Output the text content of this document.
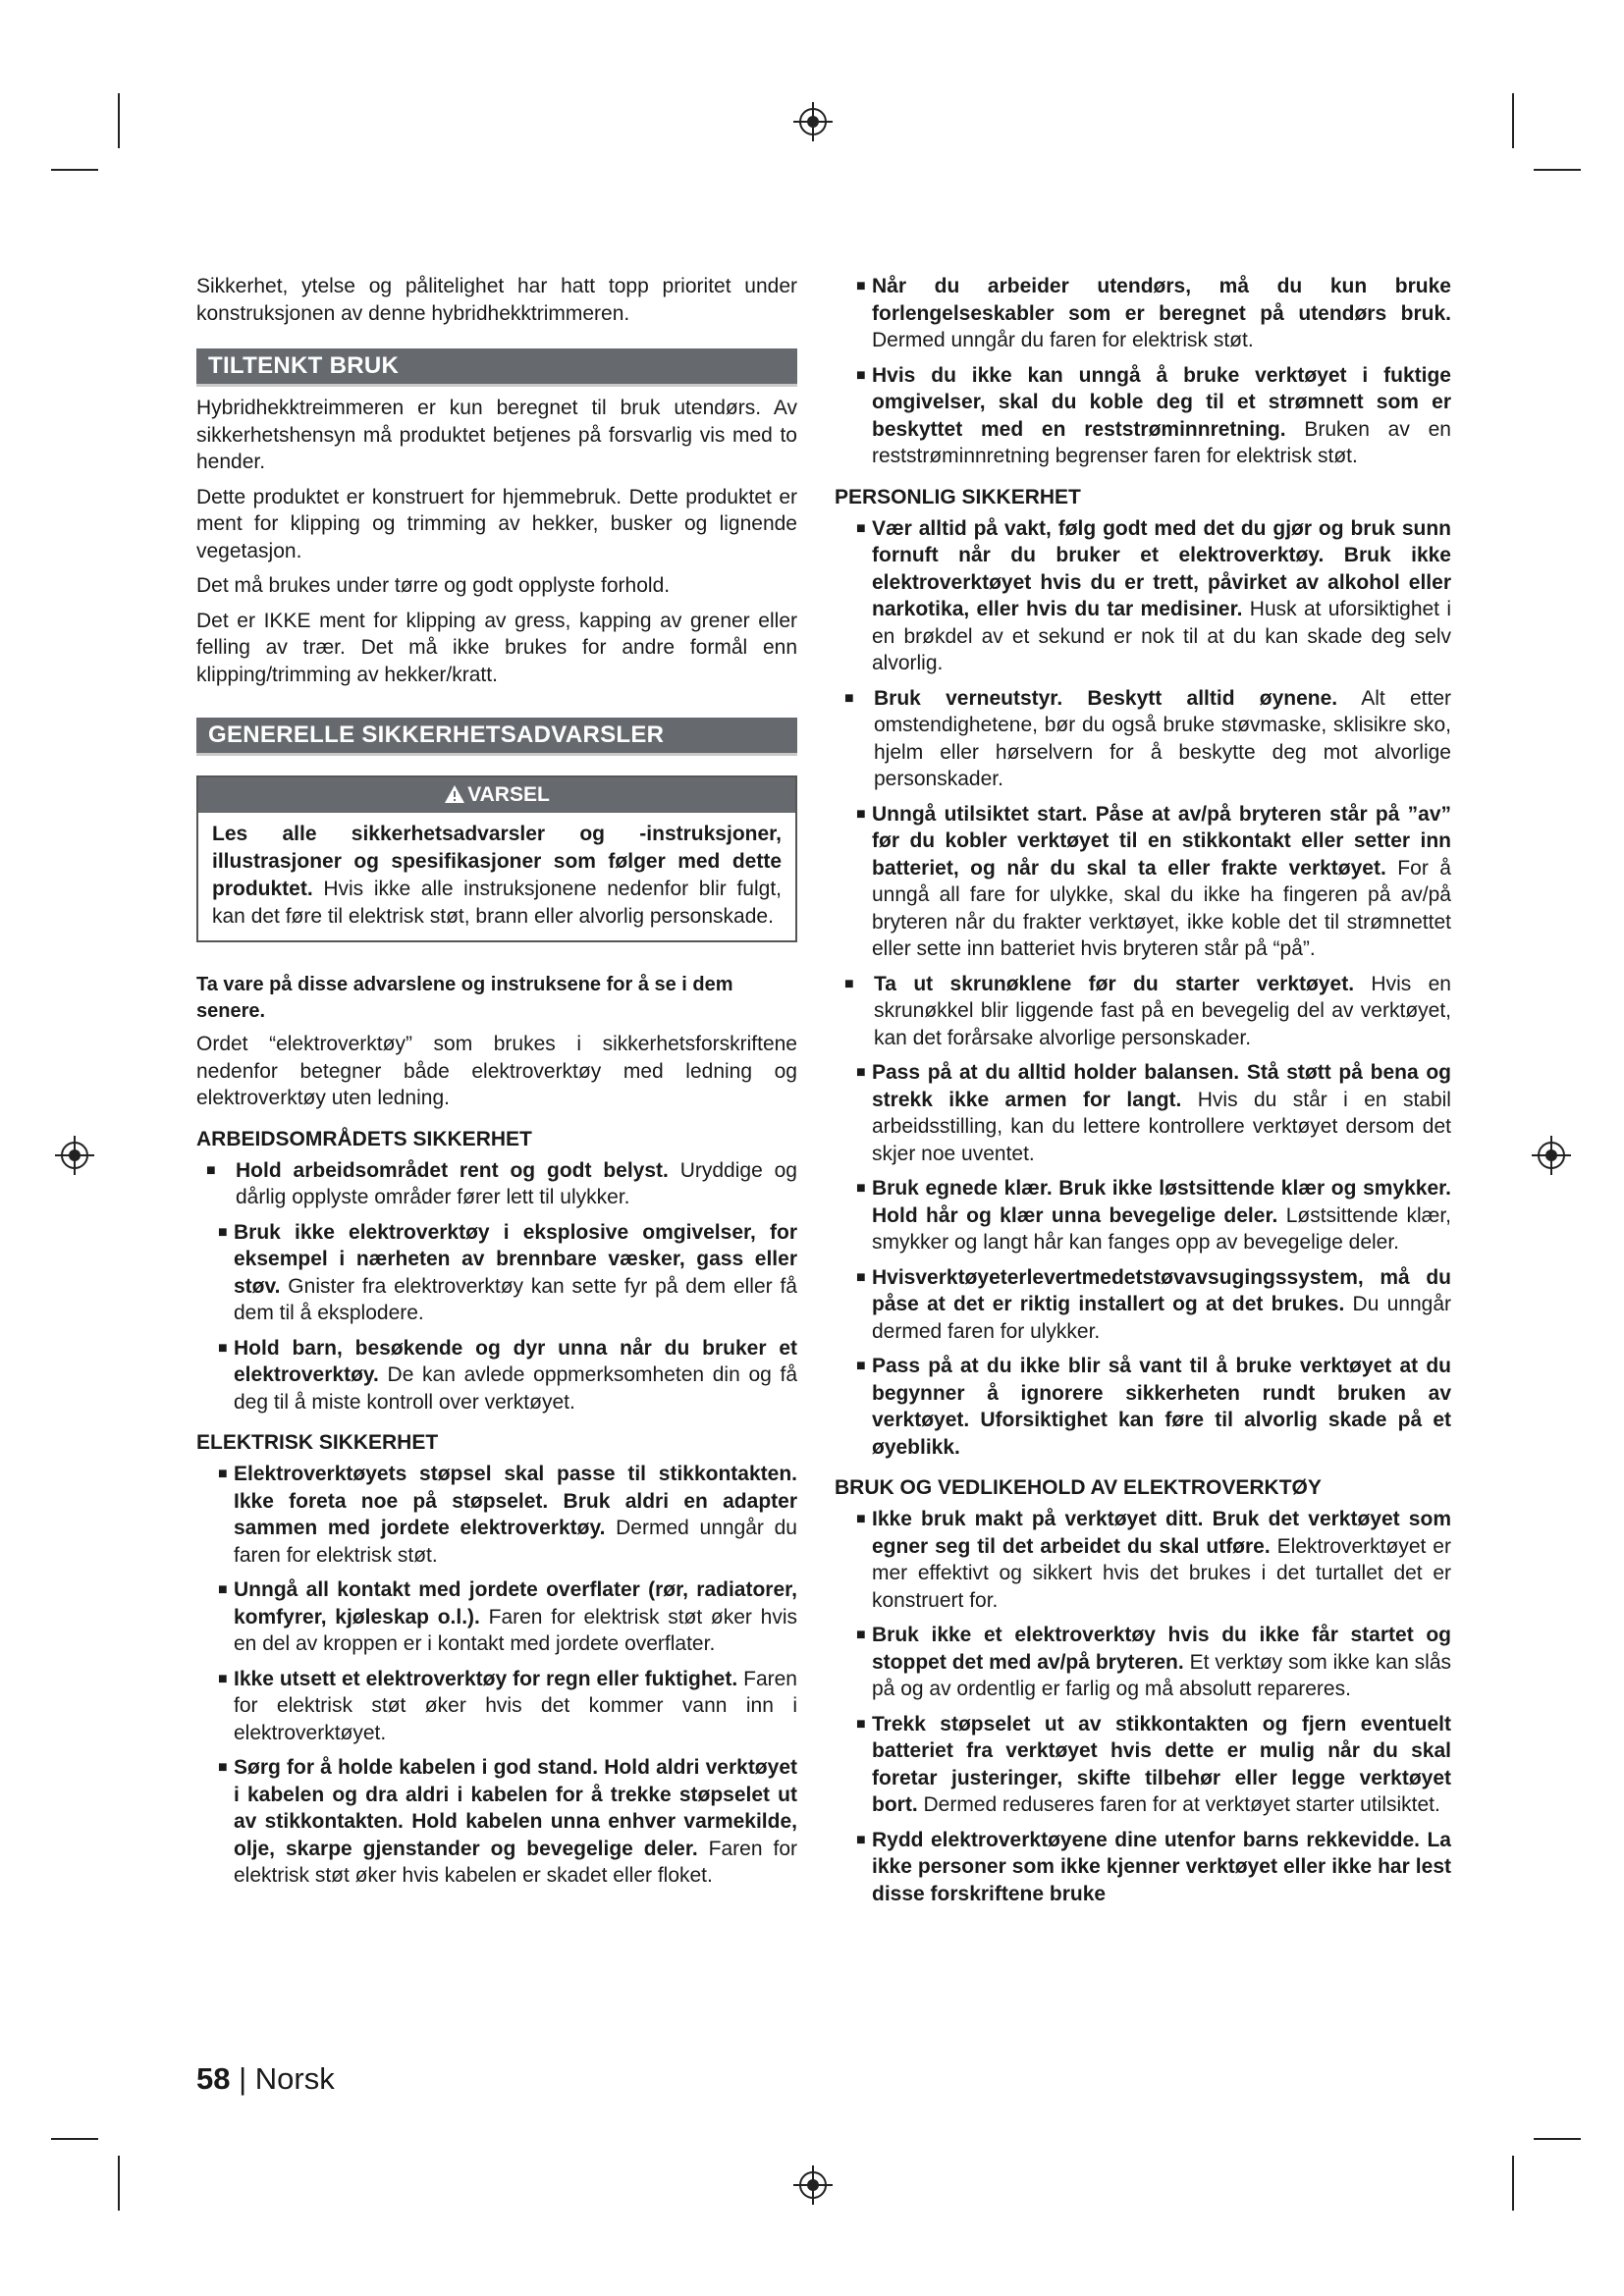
Sikkerhet, ytelse og pålitelighet har hatt topp prioritet under konstruksjonen av denne hybridhekktrimmeren.

TILTENKT BRUK

Hybridhekktreimmeren er kun beregnet til bruk utendørs. Av sikkerhetshensyn må produktet betjenes på forsvarlig vis med to hender.

Dette produktet er konstruert for hjemmebruk. Dette produktet er ment for klipping og trimming av hekker, busker og lignende vegetasjon.

Det må brukes under tørre og godt opplyste forhold.

Det er IKKE ment for klipping av gress, kapping av grener eller felling av trær. Det må ikke brukes for andre formål enn klipping/trimming av hekker/kratt.

GENERELLE SIKKERHETSADVARSLER
VARSEL
Les alle sikkerhetsadvarsler og -instruksjoner, illustrasjoner og spesifikasjoner som følger med dette produktet. Hvis ikke alle instruksjonene nedenfor blir fulgt, kan det føre til elektrisk støt, brann eller alvorlig personskade.

Ta vare på disse advarslene og instruksene for å se i dem senere.

Ordet “elektroverktøy” som brukes i sikkerhetsforskriftene nedenfor betegner både elektroverktøy med ledning og elektroverktøy uten ledning.

ARBEIDSOMRÅDETS SIKKERHET
■ Hold arbeidsområdet rent og godt belyst. Uryddige og dårlig opplyste områder fører lett til ulykker.
■ Bruk ikke elektroverktøy i eksplosive omgivelser, for eksempel i nærheten av brennbare væsker, gass eller støv. Gnister fra elektroverktøy kan sette fyr på dem eller få dem til å eksplodere.
■ Hold barn, besøkende og dyr unna når du bruker et elektroverktøy. De kan avlede oppmerksomheten din og få deg til å miste kontroll over verktøyet.
ELEKTRISK SIKKERHET
■ Elektroverktøyets støpsel skal passe til stikkontakten. Ikke foreta noe på støpselet. Bruk aldri en adapter sammen med jordete elektroverktøy. Dermed unngår du faren for elektrisk støt.
■ Unngå all kontakt med jordete overflater (rør, radiatorer, komfyrer, kjøleskap o.l.). Faren for elektrisk støt øker hvis en del av kroppen er i kontakt med jordete overflater.
■ Ikke utsett et elektroverktøy for regn eller fuktighet. Faren for elektrisk støt øker hvis det kommer vann inn i elektroverktøyet.
■ Sørg for å holde kabelen i god stand. Hold aldri verktøyet i kabelen og dra aldri i kabelen for å trekke støpselet ut av stikkontakten. Hold kabelen unna enhver varmekilde, olje, skarpe gjenstander og bevegelige deler. Faren for elektrisk støt øker hvis kabelen er skadet eller floket.
■ Når du arbeider utendørs, må du kun bruke forlengelseskabler som er beregnet på utendørs bruk. Dermed unngår du faren for elektrisk støt.
■ Hvis du ikke kan unngå å bruke verktøyet i fuktige omgivelser, skal du koble deg til et strømnett som er beskyttet med en reststrøminnretning. Bruken av en reststrøminnretning begrenser faren for elektrisk støt.
PERSONLIG SIKKERHET
■ Vær alltid på vakt, følg godt med det du gjør og bruk sunn fornuft når du bruker et elektroverktøy. Bruk ikke elektroverktøyet hvis du er trett, påvirket av alkohol eller narkotika, eller hvis du tar medisiner. Husk at uforsiktighet i en brøkdel av et sekund er nok til at du kan skade deg selv alvorlig.
■ Bruk verneutstyr. Beskytt alltid øynene. Alt etter omstendighetene, bør du også bruke støvmaske, sklisikre sko, hjelm eller hørselvern for å beskytte deg mot alvorlige personskader.
■ Unngå utilsiktet start. Påse at av/på bryteren står på ”av” før du kobler verktøyet til en stikkontakt eller setter inn batteriet, og når du skal ta eller frakte verktøyet. For å unngå all fare for ulykke, skal du ikke ha fingeren på av/på bryteren når du frakter verktøyet, ikke koble det til strømnettet eller sette inn batteriet hvis bryteren står på “på”.
■ Ta ut skrunøklene før du starter verktøyet. Hvis en skrunøkkel blir liggende fast på en bevegelig del av verktøyet, kan det forårsake alvorlige personskader.
■ Pass på at du alltid holder balansen. Stå støtt på bena og strekk ikke armen for langt. Hvis du står i en stabil arbeidsstilling, kan du lettere kontrollere verktøyet dersom det skjer noe uventet.
■ Bruk egnede klær. Bruk ikke løstsittende klær og smykker. Hold hår og klær unna bevegelige deler. Løstsittende klær, smykker og langt hår kan fanges opp av bevegelige deler.
■ Hvisverktøyeterlevertmedetstøvavsugingssystem, må du påse at det er riktig installert og at det brukes. Du unngår dermed faren for ulykker.
■ Pass på at du ikke blir så vant til å bruke verktøyet at du begynner å ignorere sikkerheten rundt bruken av verktøyet. Uforsiktighet kan føre til alvorlig skade på et øyeblikk.
BRUK OG VEDLIKEHOLD AV ELEKTROVERKTØY
■ Ikke bruk makt på verktøyet ditt. Bruk det verktøyet som egner seg til det arbeidet du skal utføre. Elektroverktøyet er mer effektivt og sikkert hvis det brukes i det turtallet det er konstruert for.
■ Bruk ikke et elektroverktøy hvis du ikke får startet og stoppet det med av/på bryteren. Et verktøy som ikke kan slås på og av ordentlig er farlig og må absolutt repareres.
■ Trekk støpselet ut av stikkontakten og fjern eventuelt batteriet fra verktøyet hvis dette er mulig når du skal foretar justeringer, skifte tilbehør eller legge verktøyet bort. Dermed reduseres faren for at verktøyet starter utilsiktet.
■ Rydd elektroverktøyene dine utenfor barns rekkevidde. La ikke personer som ikke kjenner verktøyet eller ikke har lest disse forskriftene bruke
58 | Norsk
